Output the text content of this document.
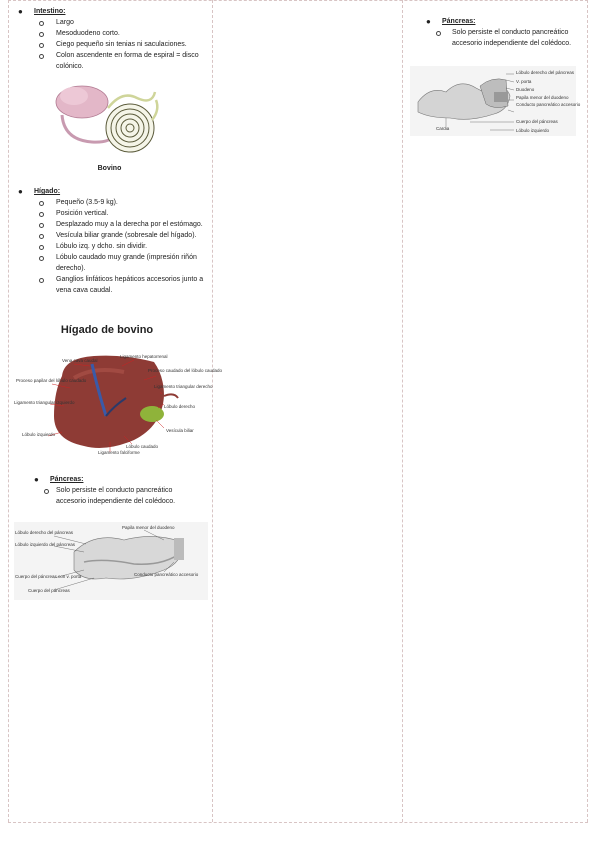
● Intestino:
Largo
Mesoduodeno corto.
Ciego pequeño sin tenias ni saculaciones.
Colon ascendente en forma de espiral = disco colónico.
Bovino
● Hígado:
Pequeño (3.5-9 kg).
Posición vertical.
Desplazado muy a la derecha por el estómago.
Vesícula biliar grande (sobresale del hígado).
Lóbulo izq. y dcho. sin dividir.
Lóbulo caudado muy grande (impresión riñón derecho).
Ganglios linfáticos hepáticos accesorios junto a vena cava caudal.
Hígado de bovino
Vena cava caudal
Proceso papilar del lóbulo caudado
Ligamento triangular izquierdo
Lóbulo izquierdo
Ligamento hepatorrenal
Proceso caudado del lóbulo caudado
Ligamento triangular derecho
Lóbulo derecho
Vesícula biliar
Lóbulo caudado
Ligamento falciforme
● Páncreas:
Solo persiste el conducto pancreático accesorio independiente del colédoco.
Lóbulo derecho del páncreas
Lóbulo izquierdo del páncreas
Papila menor del duodeno
Cuerpo del páncreas con v. porta	Conducto pancreático accesorio
Cuerpo del páncreas
● Páncreas:
Solo persiste el conducto pancreático accesorio independiente del colédoco.
Lóbulo derecho del páncreas
V. porta
Duodeno
Papila menor del duodeno
Conducto pancreático accesorio
Cuerpo del páncreas
Cardia	Lóbulo izquierdo
